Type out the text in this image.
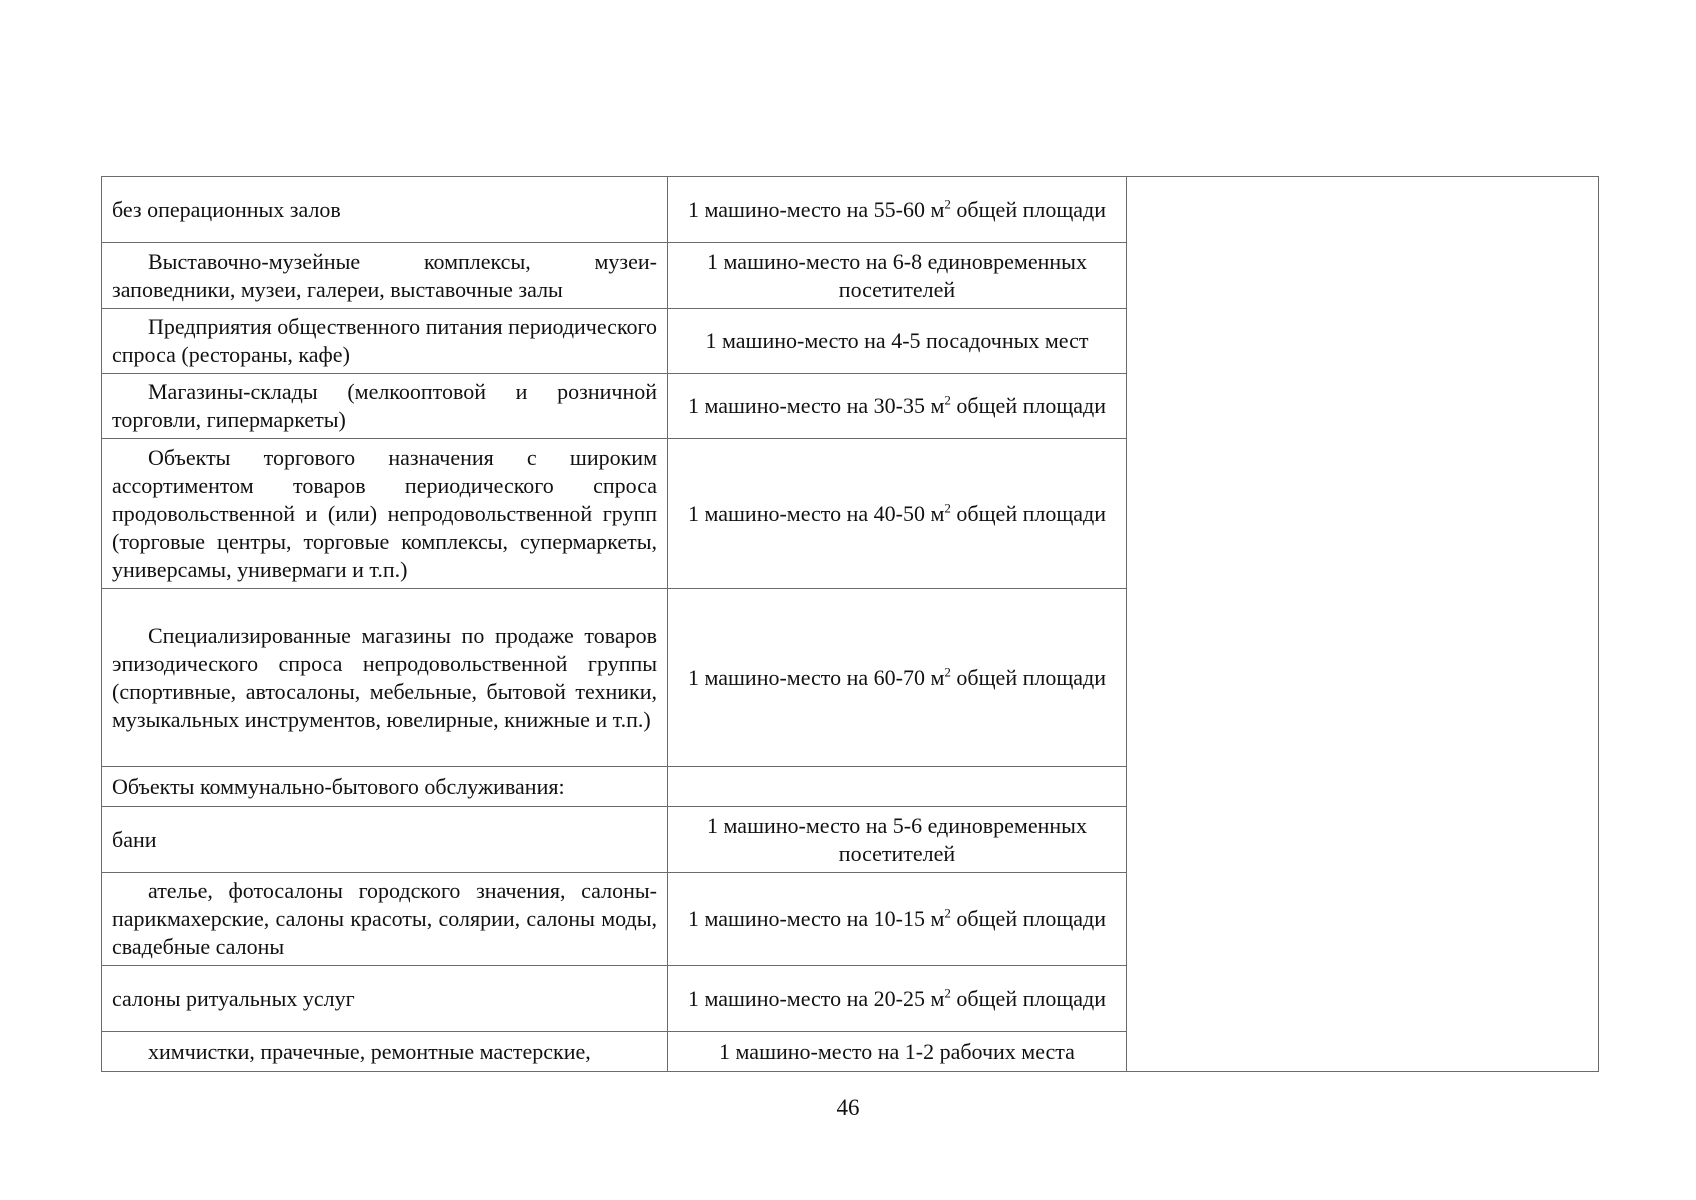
без операционных залов	1 машино-место на 55-60 $м^2$ общей площади	
Выставочно-музейные комплексы, музеи-заповедники, музеи, галереи, выставочные залы	1 машино-место на 6-8 единовременных посетителей	
Предприятия общественного питания периодического спроса (рестораны, кафе)	1 машино-место на 4-5 посадочных мест	
Магазины-склады (мелкооптовой и розничной торговли, гипермаркеты)	1 машино-место на 30-35 $м^2$ общей площади	
Объекты торгового назначения с широким ассортиментом товаров периодического спроса продовольственной и (или) непродовольственной групп (торговые центры, торговые комплексы, супермаркеты, универсамы, универмаги и т.п.)	1 машино-место на 40-50 $м^2$ общей площади	
Специализированные магазины по продаже товаров эпизодического спроса непродовольственной группы (спортивные, автосалоны, мебельные, бытовой техники, музыкальных инструментов, ювелирные, книжные и т.п.)	1 машино-место на 60-70 $м^2$ общей площади	
Объекты коммунально-бытового обслуживания:		
бани	1 машино-место на 5-6 единовременных посетителей	
ателье, фотосалоны городского значения, салоны-парикмахерские, салоны красоты, солярии, салоны моды, свадебные салоны	1 машино-место на 10-15 $м^2$ общей площади	
салоны ритуальных услуг	1 машино-место на 20-25 $м^2$ общей площади	
химчистки, прачечные, ремонтные мастерские,	1 машино-место на 1-2 рабочих места	
46
